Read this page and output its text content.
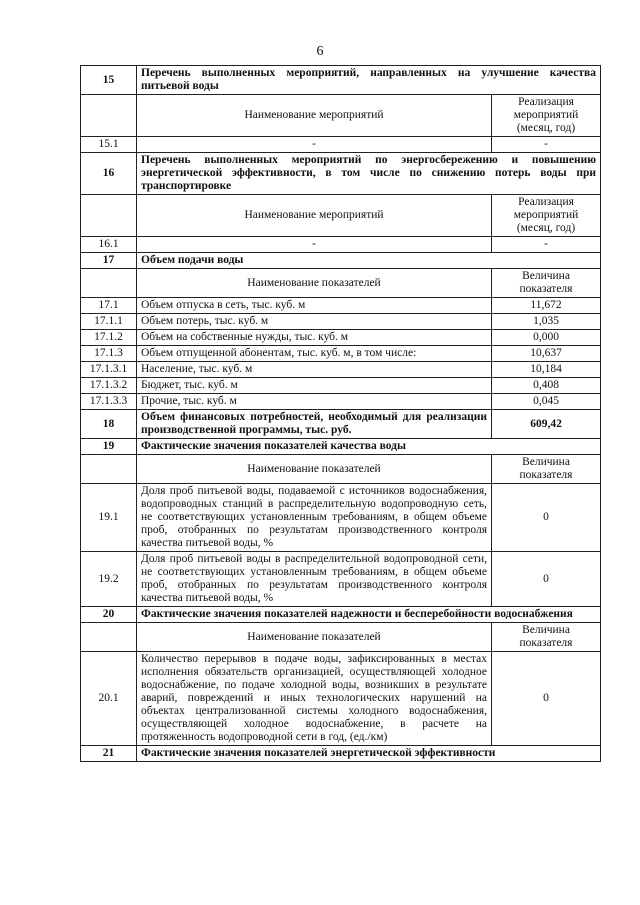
6
15	Перечень выполненных мероприятий, направленных на улучшение качества питьевой воды	
	Наименование мероприятий	Реализация мероприятий (месяц, год)
15.1	-	-
16	Перечень выполненных мероприятий по энергосбережению и повышению энергетической эффективности, в том числе по снижению потерь воды при транспортировке	
	Наименование мероприятий	Реализация мероприятий (месяц, год)
16.1	-	-
17	Объем подачи воды	
	Наименование показателей	Величина показателя
17.1	Объем отпуска в сеть, тыс. куб. м	11,672
17.1.1	Объем потерь, тыс. куб. м	1,035
17.1.2	Объем на собственные нужды, тыс. куб. м	0,000
17.1.3	Объем отпущенной абонентам, тыс. куб. м, в том числе:	10,637
17.1.3.1	Население, тыс. куб. м	10,184
17.1.3.2	Бюджет, тыс. куб. м	0,408
17.1.3.3	Прочие, тыс. куб. м	0,045
18	Объем финансовых потребностей, необходимый для реализации производственной программы, тыс. руб.	609,42
19	Фактические значения показателей качества воды	
	Наименование показателей	Величина показателя
19.1	Доля проб питьевой воды, подаваемой с источников водоснабжения, водопроводных станций в распределительную водопроводную сеть, не соответствующих установленным требованиям, в общем объеме проб, отобранных по результатам производственного контроля качества питьевой воды, %	0
19.2	Доля проб питьевой воды в распределительной водопроводной сети, не соответствующих установленным требованиям, в общем объеме проб, отобранных по результатам производственного контроля качества питьевой воды, %	0
20	Фактические значения показателей надежности и бесперебойности водоснабжения	
	Наименование показателей	Величина показателя
20.1	Количество перерывов в подаче воды, зафиксированных в местах исполнения обязательств организацией, осуществляющей холодное водоснабжение, по подаче холодной воды, возникших в результате аварий, повреждений и иных технологических нарушений на объектах централизованной системы холодного водоснабжения, осуществляющей холодное водоснабжение, в расчете на протяженность водопроводной сети в год, (ед./км)	0
21	Фактические значения показателей энергетической эффективности	
